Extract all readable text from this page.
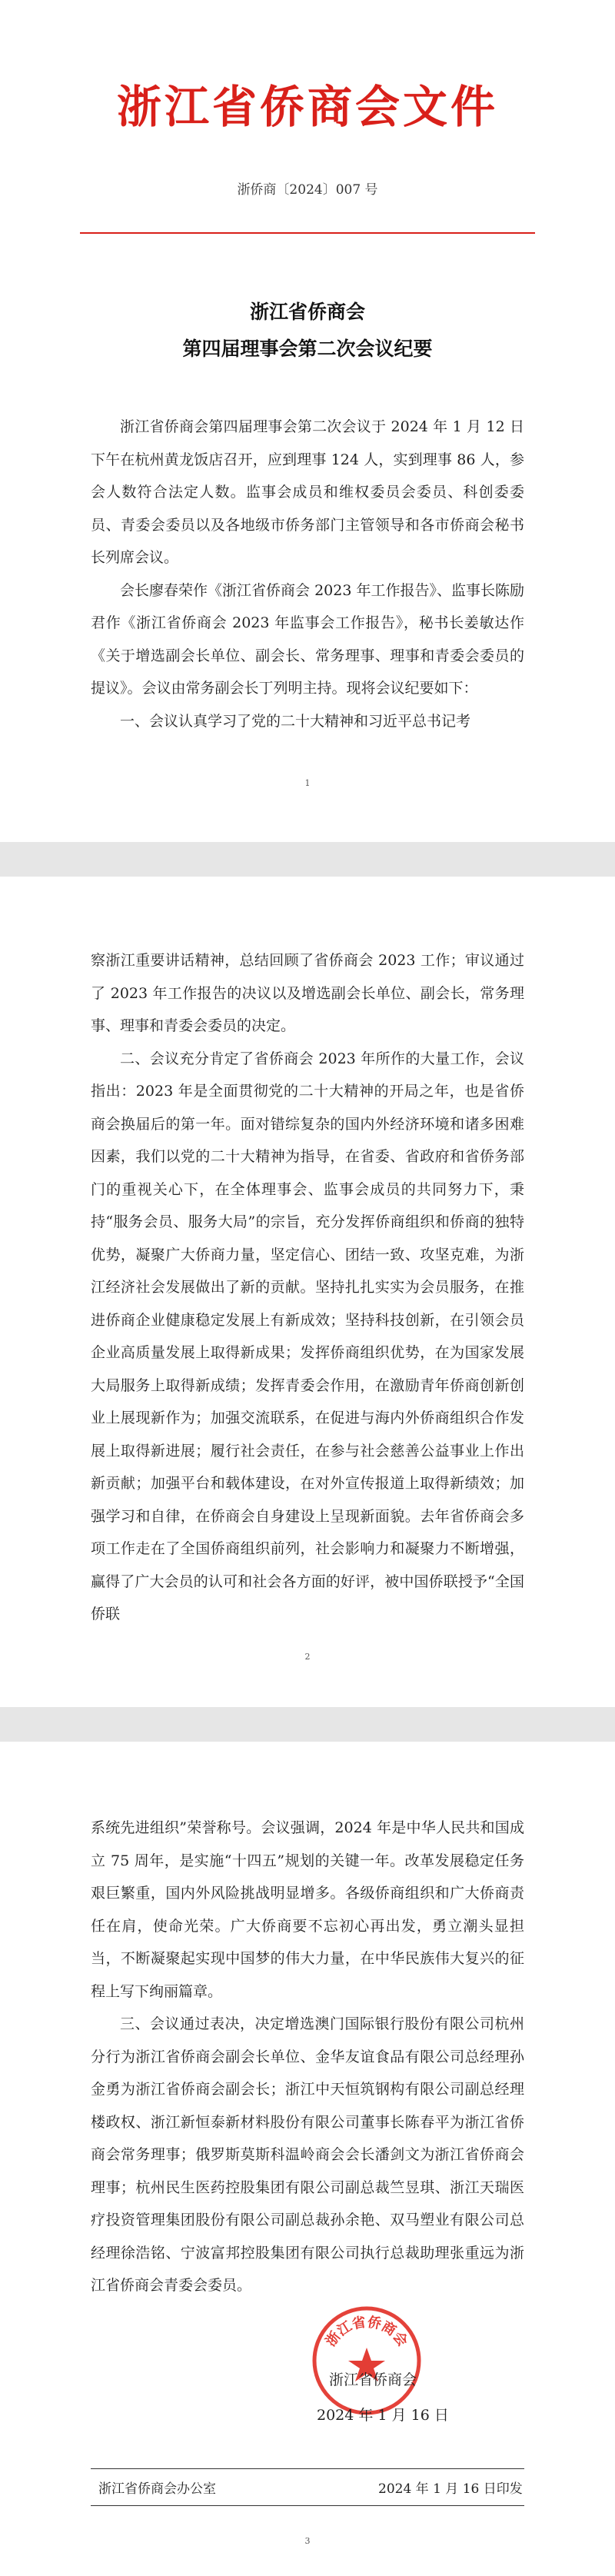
浙江省侨商会文件
浙侨商〔2024〕007 号
浙江省侨商会
第四届理事会第二次会议纪要

浙江省侨商会第四届理事会第二次会议于 2024 年 1 月 12 日下午在杭州黄龙饭店召开，应到理事 124 人，实到理事 86 人，参会人数符合法定人数。监事会成员和维权委员会委员、科创委委员、青委会委员以及各地级市侨务部门主管领导和各市侨商会秘书长列席会议。

会长廖春荣作《浙江省侨商会 2023 年工作报告》、监事长陈励君作《浙江省侨商会 2023 年监事会工作报告》，秘书长姜敏达作《关于增选副会长单位、副会长、常务理事、理事和青委会委员的提议》。会议由常务副会长丁列明主持。现将会议纪要如下：

一、会议认真学习了党的二十大精神和习近平总书记考

1

察浙江重要讲话精神，总结回顾了省侨商会 2023 工作；审议通过了 2023 年工作报告的决议以及增选副会长单位、副会长，常务理事、理事和青委会委员的决定。

二、会议充分肯定了省侨商会 2023 年所作的大量工作，会议指出：2023 年是全面贯彻党的二十大精神的开局之年，也是省侨商会换届后的第一年。面对错综复杂的国内外经济环境和诸多困难因素，我们以党的二十大精神为指导，在省委、省政府和省侨务部门的重视关心下，在全体理事会、监事会成员的共同努力下，秉持“服务会员、服务大局”的宗旨，充分发挥侨商组织和侨商的独特优势，凝聚广大侨商力量，坚定信心、团结一致、攻坚克难，为浙江经济社会发展做出了新的贡献。坚持扎扎实实为会员服务，在推进侨商企业健康稳定发展上有新成效；坚持科技创新，在引领会员企业高质量发展上取得新成果；发挥侨商组织优势，在为国家发展大局服务上取得新成绩；发挥青委会作用，在激励青年侨商创新创业上展现新作为；加强交流联系，在促进与海内外侨商组织合作发展上取得新进展；履行社会责任，在参与社会慈善公益事业上作出新贡献；加强平台和载体建设，在对外宣传报道上取得新绩效；加强学习和自律，在侨商会自身建设上呈现新面貌。去年省侨商会多项工作走在了全国侨商组织前列，社会影响力和凝聚力不断增强，赢得了广大会员的认可和社会各方面的好评，被中国侨联授予“全国侨联

2

系统先进组织”荣誉称号。会议强调，2024 年是中华人民共和国成立 75 周年，是实施“十四五”规划的关键一年。改革发展稳定任务艰巨繁重，国内外风险挑战明显增多。各级侨商组织和广大侨商责任在肩，使命光荣。广大侨商要不忘初心再出发，勇立潮头显担当，不断凝聚起实现中国梦的伟大力量，在中华民族伟大复兴的征程上写下绚丽篇章。

三、会议通过表决，决定增选澳门国际银行股份有限公司杭州分行为浙江省侨商会副会长单位、金华友谊食品有限公司总经理孙金勇为浙江省侨商会副会长；浙江中天恒筑钢构有限公司副总经理楼政权、浙江新恒泰新材料股份有限公司董事长陈春平为浙江省侨商会常务理事；俄罗斯莫斯科温岭商会会长潘剑文为浙江省侨商会理事；杭州民生医药控股集团有限公司副总裁竺昱琪、浙江天瑞医疗投资管理集团股份有限公司副总裁孙余艳、双马塑业有限公司总经理徐浩铭、宁波富邦控股集团有限公司执行总裁助理张重远为浙江省侨商会青委会委员。

浙江省侨商会
浙江省侨商会
2024 年 1 月 16 日
浙江省侨商会办公室	2024 年 1 月 16 日印发
3
